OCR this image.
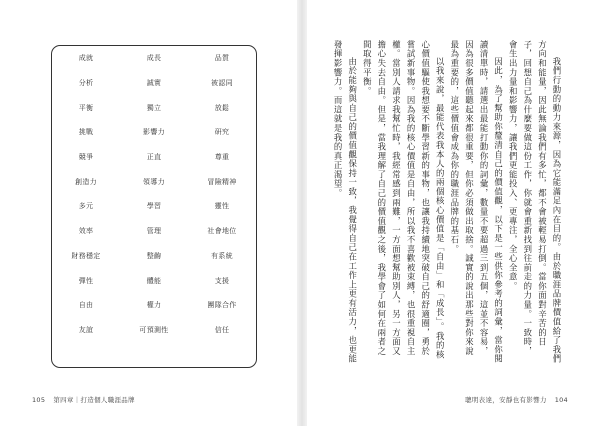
成就	成長	品質
分析	誠實	被認同
平衡	獨立	放鬆
挑戰	影響力	研究
競爭	正直	尊重
創造力	領導力	冒險精神
多元	學習	靈性
效率	管理	社會地位
財務穩定	整齣	有系統
彈性	體能	支援
自由	權力	團隊合作
友誼	可預測性	信任
105 第四章｜打造個人職涯品牌

我們行動的動力來源，因為它能滿足內在目的。由於職涯品牌價值給了我們方向和能量，因此無論我們有多忙，都不會被輕易打倒。當你面對辛苦的日子，回想自己為什麼要做這份工作，你就會重新找到往前走的力量。一致時，會生出力量和影響力，讓我們更能投入、更專注，全心全意。

因此，為了幫助你釐清自己的價值觀，以下是一些供你參考的詞彙，當你閱讀清單時，請選出最能打動你的詞彙，數量不要超過三到五個，這並不容易，因為很多價值聽起來都很重要，但你必須做出取捨。誠實的說出那些對你來說最為重要的，這些價值會成為你的職涯品牌的基石。

以我來說，最能代表我本人的兩個核心價值是「自由」和「成長」。我的核心價值驅使我想要不斷學習新的事物，也讓我持續地突破自己的舒適圈，勇於嘗試新事物。因為我的核心價值是自由，所以我不喜歡被束縛，也很重視自主權。當別人請求我幫忙時，我經常感到兩難，一方面想幫助別人，另一方面又擔心失去自由。但是，當我理解了自己的價值觀之後，我學會了如何在兩者之間取得平衡。

由於能夠與自己的價值觀保持一致，我覺得自己在工作上更有活力，也更能發揮影響力。而這就是我的真正渴望。

聰明表達，安靜也有影響力 104
